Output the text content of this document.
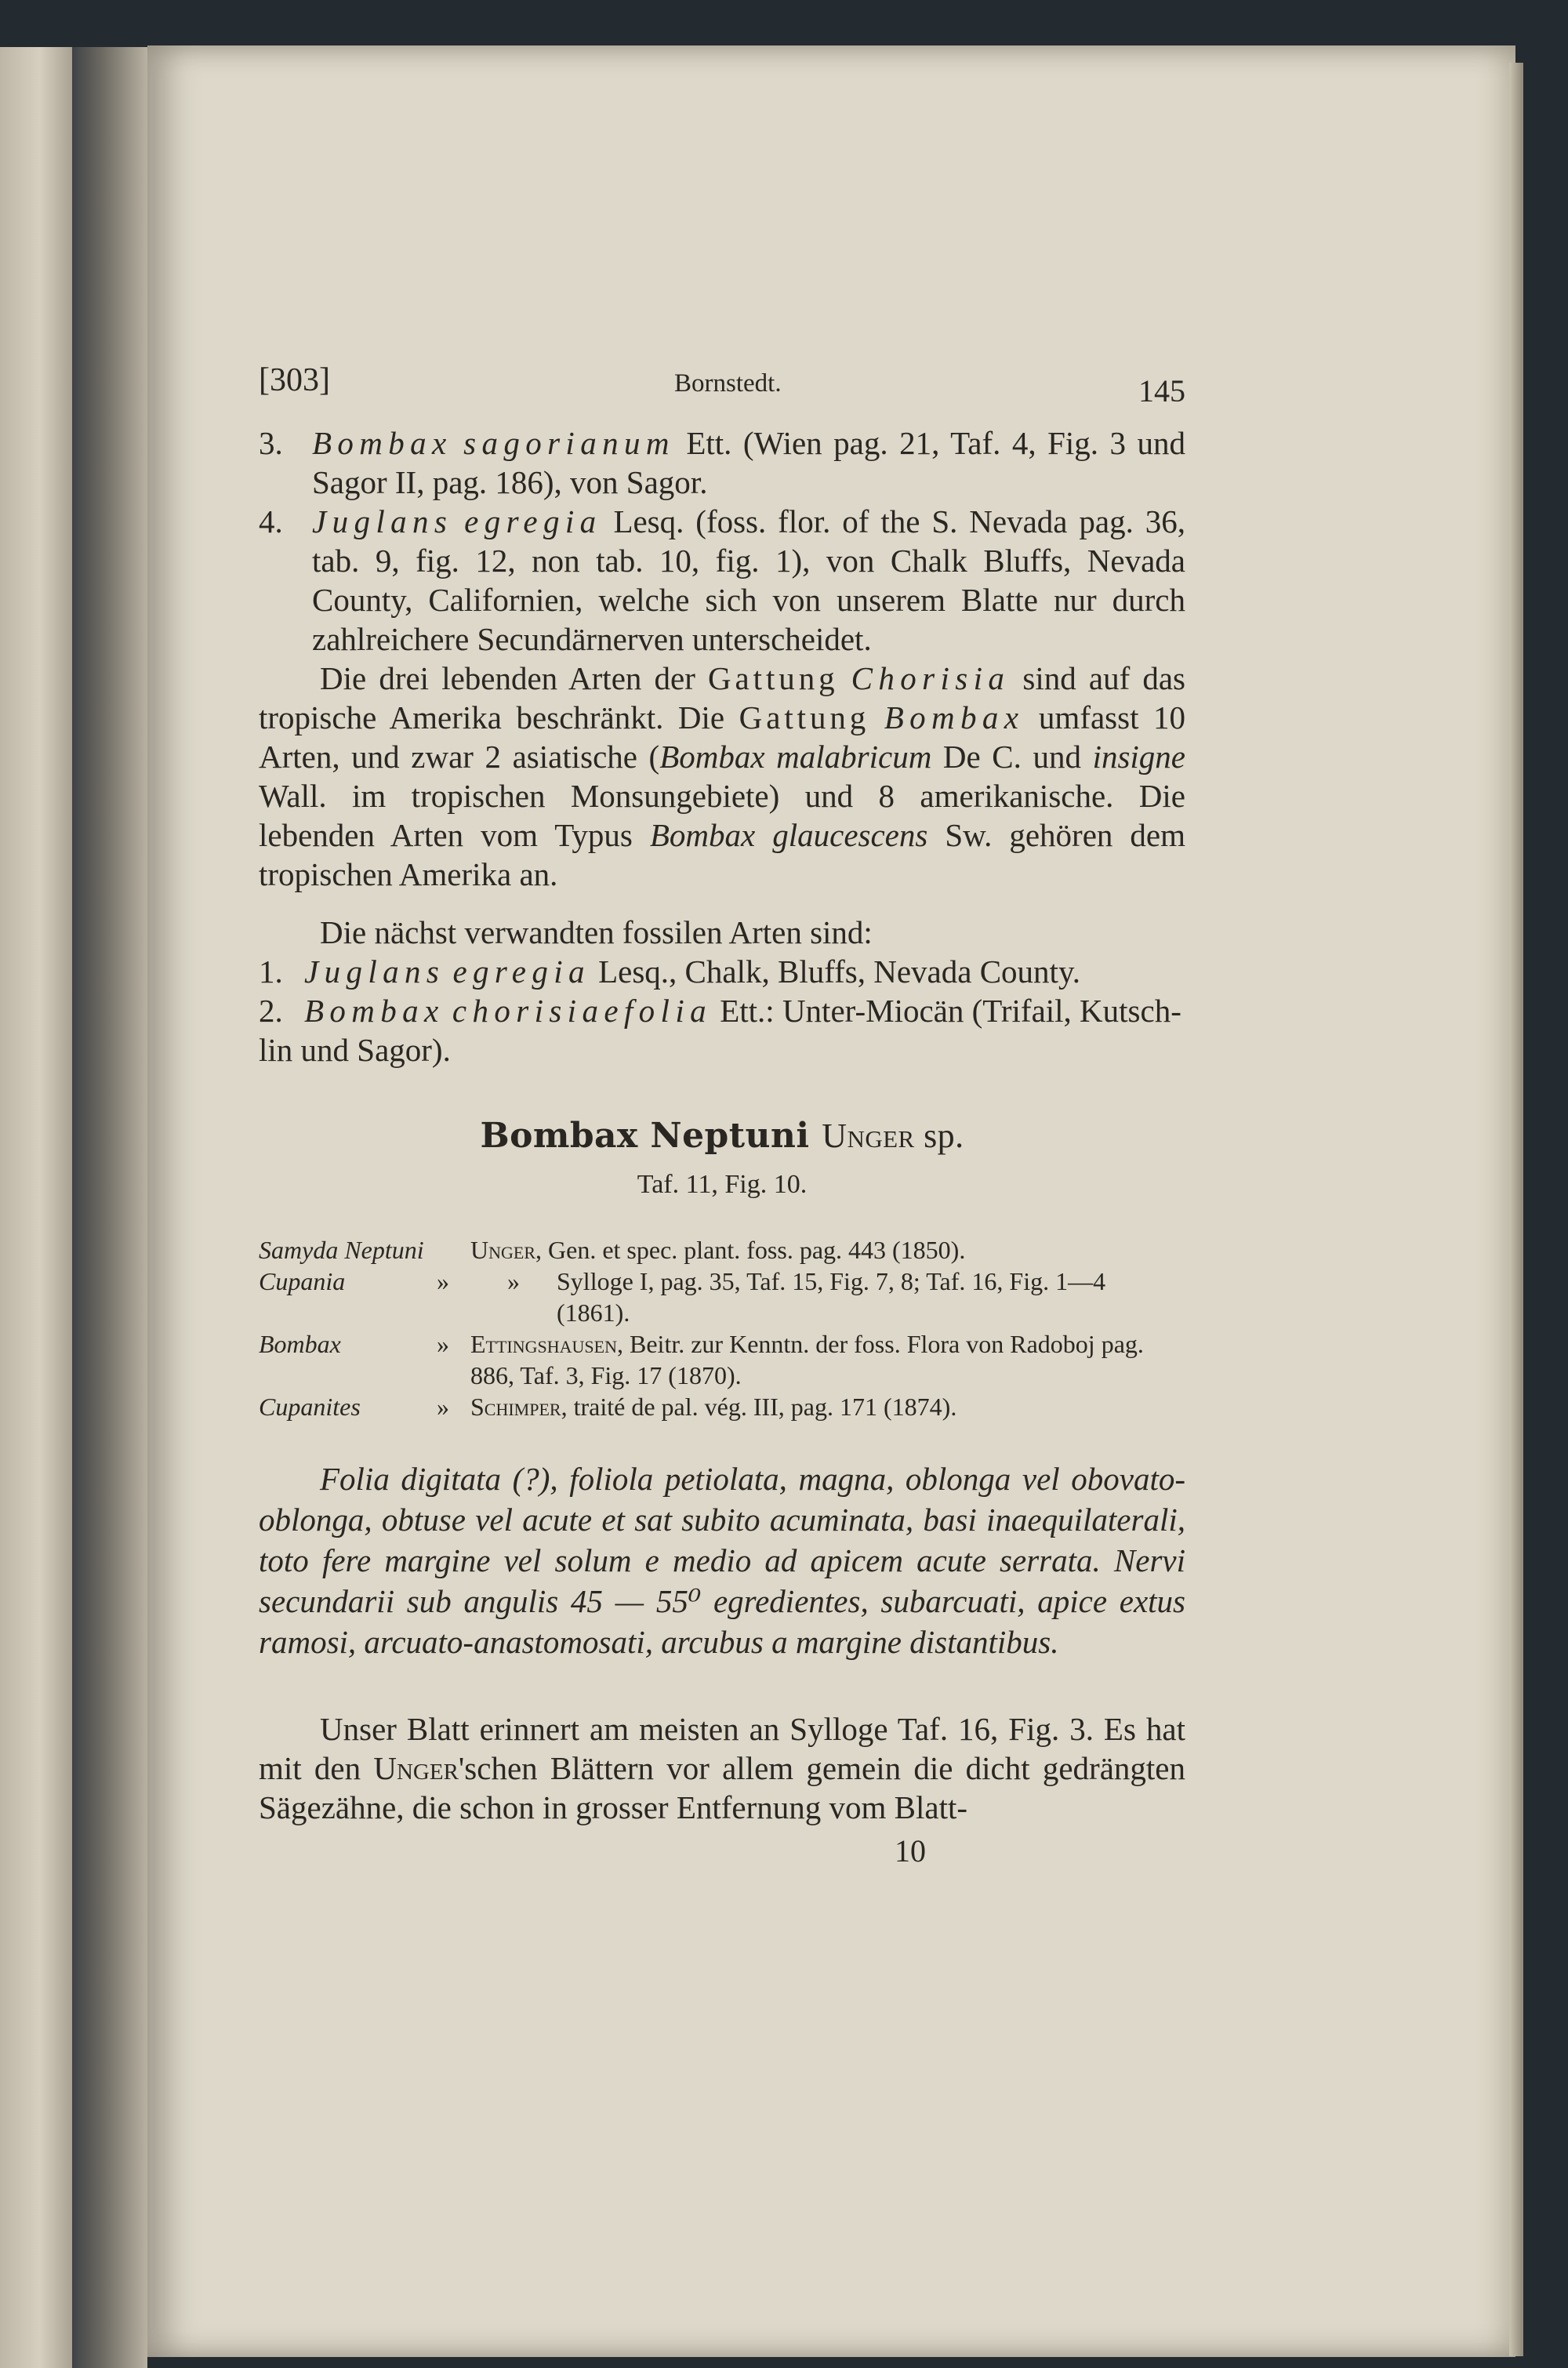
[303]	Bornstedt.	145

3. Bombax sagorianum Ett. (Wien pag. 21, Taf. 4, Fig. 3 und Sagor II, pag. 186), von Sagor.

4. Juglans egregia Lesq. (foss. flor. of the S. Nevada pag. 36, tab. 9, fig. 12, non tab. 10, fig. 1), von Chalk Bluffs, Nevada County, Californien, welche sich von unserem Blatte nur durch zahlreichere Secundärnerven unterscheidet.

Die drei lebenden Arten der Gattung Chorisia sind auf das tropische Amerika beschränkt. Die Gattung Bombax umfasst 10 Arten, und zwar 2 asiatische (Bombax malabricum De C. und insigne Wall. im tropischen Monsungebiete) und 8 amerikanische. Die lebenden Arten vom Typus Bombax glaucescens Sw. gehören dem tropischen Amerika an.

Die nächst verwandten fossilen Arten sind:

1. Juglans egregia Lesq., Chalk, Bluffs, Nevada County.

2. Bombax chorisiaefolia Ett.: Unter-Miocän (Trifail, Kutsch-

lin und Sagor).

Bombax Neptuni Unger sp.
Taf. 11, Fig. 10.
Samyda Neptuni		Unger, Gen. et spec. plant. foss. pag. 443 (1850).	
Cupania	»	»	Sylloge I, pag. 35, Taf. 15, Fig. 7, 8; Taf. 16, Fig. 1—4 (1861).
Bombax	»	Ettingshausen, Beitr. zur Kenntn. der foss. Flora von Radoboj pag. 886, Taf. 3, Fig. 17 (1870).	
Cupanites	»	Schimper, traité de pal. vég. III, pag. 171 (1874).	

Folia digitata (?), foliola petiolata, magna, oblonga vel obovato-oblonga, obtuse vel acute et sat subito acuminata, basi inaequilaterali, toto fere margine vel solum e medio ad apicem acute serrata. Nervi secundarii sub angulis 45 — 55⁰ egredientes, subarcuati, apice extus ramosi, arcuato-anastomosati, arcubus a margine distantibus.

Unser Blatt erinnert am meisten an Sylloge Taf. 16, Fig. 3. Es hat mit den Unger'schen Blättern vor allem gemein die dicht gedrängten Sägezähne, die schon in grosser Entfernung vom Blatt-

10
